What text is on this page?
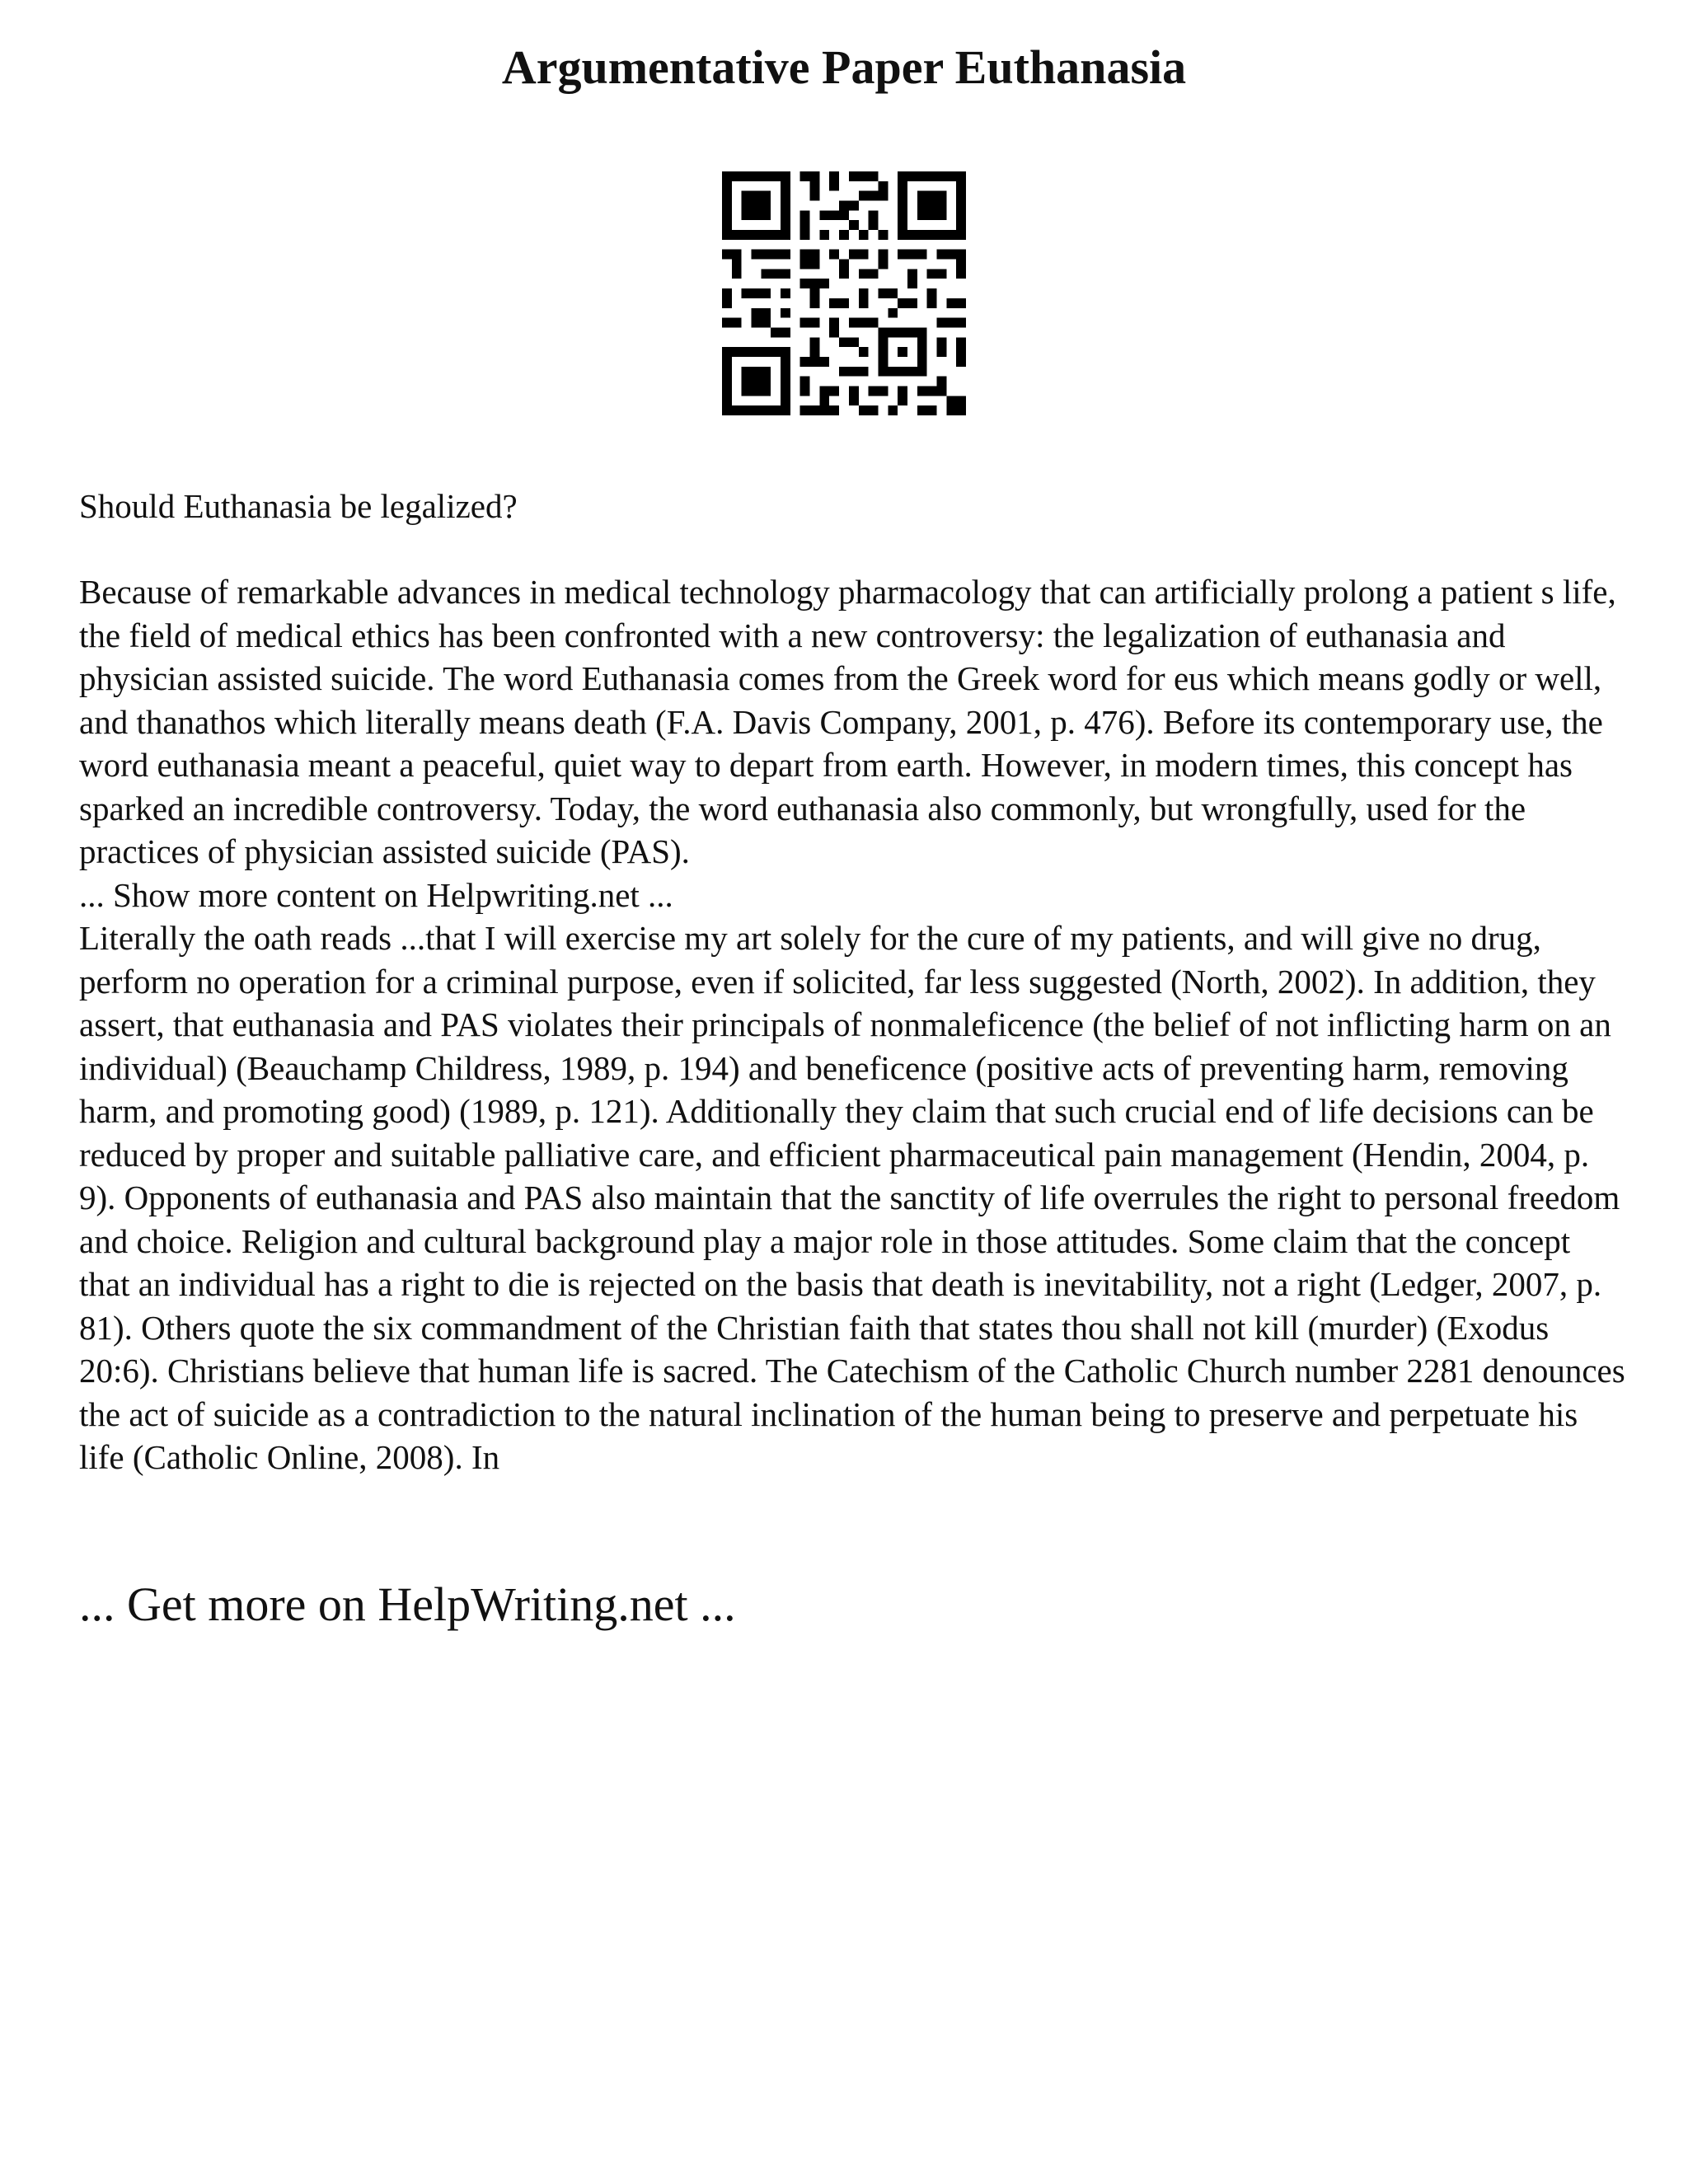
Argumentative Paper Euthanasia

Should Euthanasia be legalized?

Because of remarkable advances in medical technology pharmacology that can artificially prolong a patient s life, the field of medical ethics has been confronted with a new controversy: the legalization of euthanasia and physician assisted suicide. The word Euthanasia comes from the Greek word for eus which means godly or well, and thanathos which literally means death (F.A. Davis Company, 2001, p. 476). Before its contemporary use, the word euthanasia meant a peaceful, quiet way to depart from earth. However, in modern times, this concept has sparked an incredible controversy. Today, the word euthanasia also commonly, but wrongfully, used for the practices of physician assisted suicide (PAS).

... Show more content on Helpwriting.net ...

Literally the oath reads ...that I will exercise my art solely for the cure of my patients, and will give no drug, perform no operation for a criminal purpose, even if solicited, far less suggested (North, 2002). In addition, they assert, that euthanasia and PAS violates their principals of nonmaleficence (the belief of not inflicting harm on an individual) (Beauchamp Childress, 1989, p. 194) and beneficence (positive acts of preventing harm, removing harm, and promoting good) (1989, p. 121). Additionally they claim that such crucial end of life decisions can be reduced by proper and suitable palliative care, and efficient pharmaceutical pain management (Hendin, 2004, p. 9). Opponents of euthanasia and PAS also maintain that the sanctity of life overrules the right to personal freedom and choice. Religion and cultural background play a major role in those attitudes. Some claim that the concept that an individual has a right to die is rejected on the basis that death is inevitability, not a right (Ledger, 2007, p. 81). Others quote the six commandment of the Christian faith that states thou shall not kill (murder) (Exodus 20:6). Christians believe that human life is sacred. The Catechism of the Catholic Church number 2281 denounces the act of suicide as a contradiction to the natural inclination of the human being to preserve and perpetuate his life (Catholic Online, 2008). In

... Get more on HelpWriting.net ...
